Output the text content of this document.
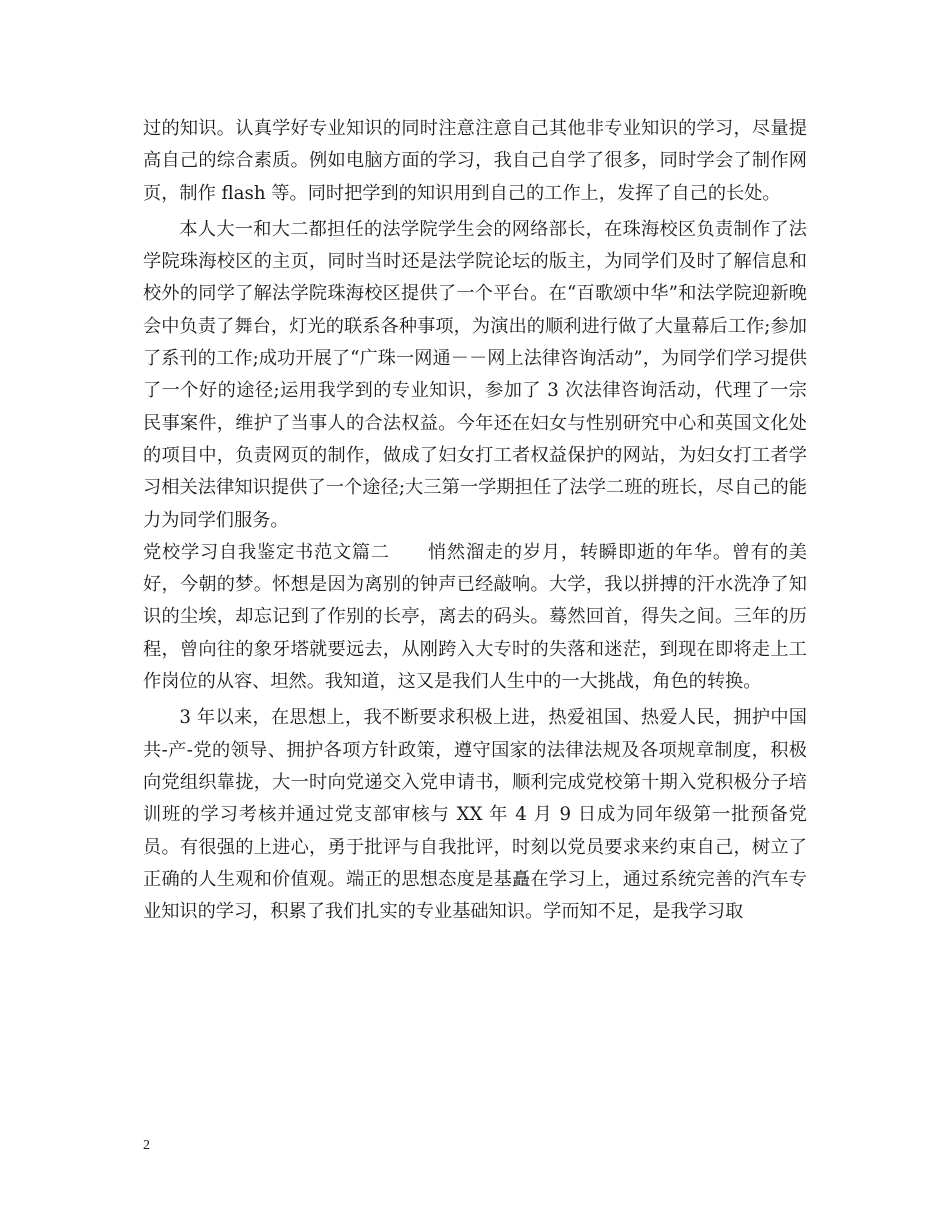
过的知识。认真学好专业知识的同时注意注意自己其他非专业知识的学习，尽量提高自己的综合素质。例如电脑方面的学习，我自己自学了很多，同时学会了制作网页，制作 flash 等。同时把学到的知识用到自己的工作上，发挥了自己的长处。

本人大一和大二都担任的法学院学生会的网络部长，在珠海校区负责制作了法学院珠海校区的主页，同时当时还是法学院论坛的版主，为同学们及时了解信息和校外的同学了解法学院珠海校区提供了一个平台。在“百歌颂中华”和法学院迎新晚会中负责了舞台，灯光的联系各种事项，为演出的顺利进行做了大量幕后工作;参加了系刊的工作;成功开展了“广珠一网通－－网上法律咨询活动”，为同学们学习提供了一个好的途径;运用我学到的专业知识，参加了 3 次法律咨询活动，代理了一宗民事案件，维护了当事人的合法权益。今年还在妇女与性别研究中心和英国文化处的项目中，负责网页的制作，做成了妇女打工者权益保护的网站，为妇女打工者学习相关法律知识提供了一个途径;大三第一学期担任了法学二班的班长，尽自己的能力为同学们服务。

党校学习自我鉴定书范文篇二　　悄然溜走的岁月，转瞬即逝的年华。曾有的美好，今朝的梦。怀想是因为离别的钟声已经敲响。大学，我以拼搏的汗水洗净了知识的尘埃，却忘记到了作别的长亭，离去的码头。蓦然回首，得失之间。三年的历程，曾向往的象牙塔就要远去，从刚跨入大专时的失落和迷茫，到现在即将走上工作岗位的从容、坦然。我知道，这又是我们人生中的一大挑战，角色的转换。

3 年以来，在思想上，我不断要求积极上进，热爱祖国、热爱人民，拥护中国共-产-党的领导、拥护各项方针政策，遵守国家的法律法规及各项规章制度，积极向党组织靠拢，大一时向党递交入党申请书，顺利完成党校第十期入党积极分子培训班的学习考核并通过党支部审核与 XX 年 4 月 9 日成为同年级第一批预备党员。有很强的上进心，勇于批评与自我批评，时刻以党员要求来约束自己，树立了正确的人生观和价值观。端正的思想态度是基矗在学习上，通过系统完善的汽车专业知识的学习，积累了我们扎实的专业基础知识。学而知不足，是我学习取

2
